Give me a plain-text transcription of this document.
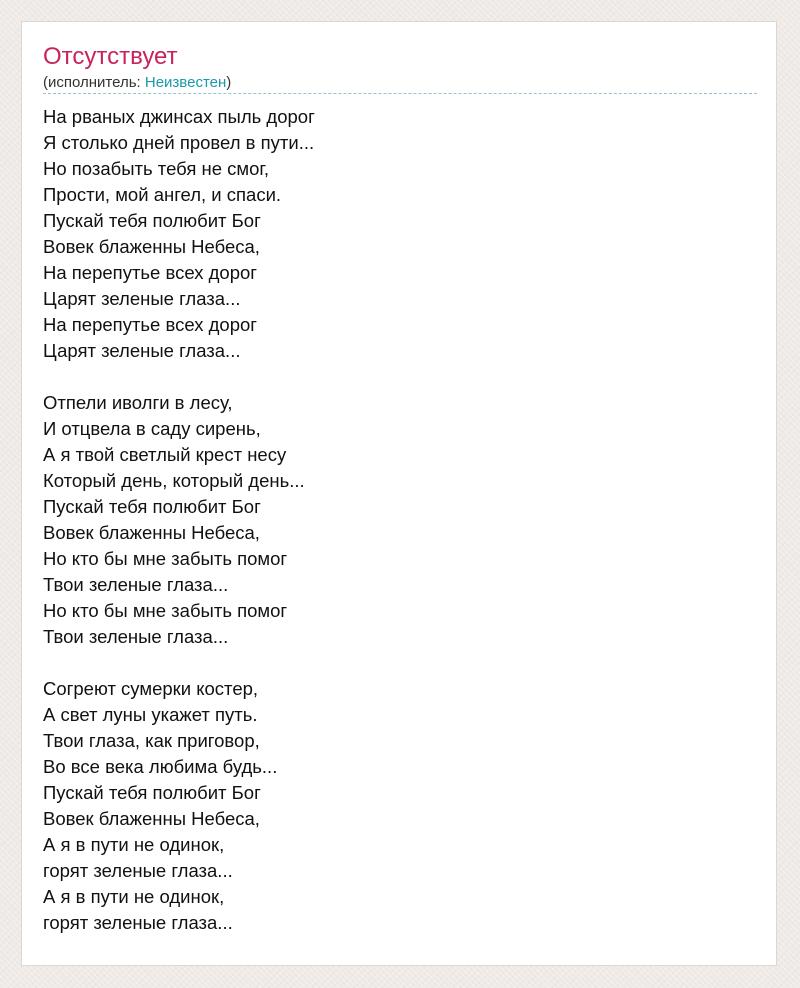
Отсутствует
(исполнитель: Неизвестен)
На рваных джинсах пыль дорог
Я столько дней провел в пути...
Но позабыть тебя не смог,
Прости, мой ангел, и спаси.
Пускай тебя полюбит Бог
Вовек блаженны Небеса,
На перепутье всех дорог
Царят зеленые глаза...
На перепутье всех дорог
Царят зеленые глаза...
Отпели иволги в лесу,
И отцвела в саду сирень,
А я твой светлый крест несу
Который день, который день...
Пускай тебя полюбит Бог
Вовек блаженны Небеса,
Но кто бы мне забыть помог
Твои зеленые глаза...
Но кто бы мне забыть помог
Твои зеленые глаза...
Согреют сумерки костер,
А свет луны укажет путь.
Твои глаза, как приговор,
Во все века любима будь...
Пускай тебя полюбит Бог
Вовек блаженны Небеса,
А я в пути не одинок,
горят зеленые глаза...
А я в пути не одинок,
горят зеленые глаза...
